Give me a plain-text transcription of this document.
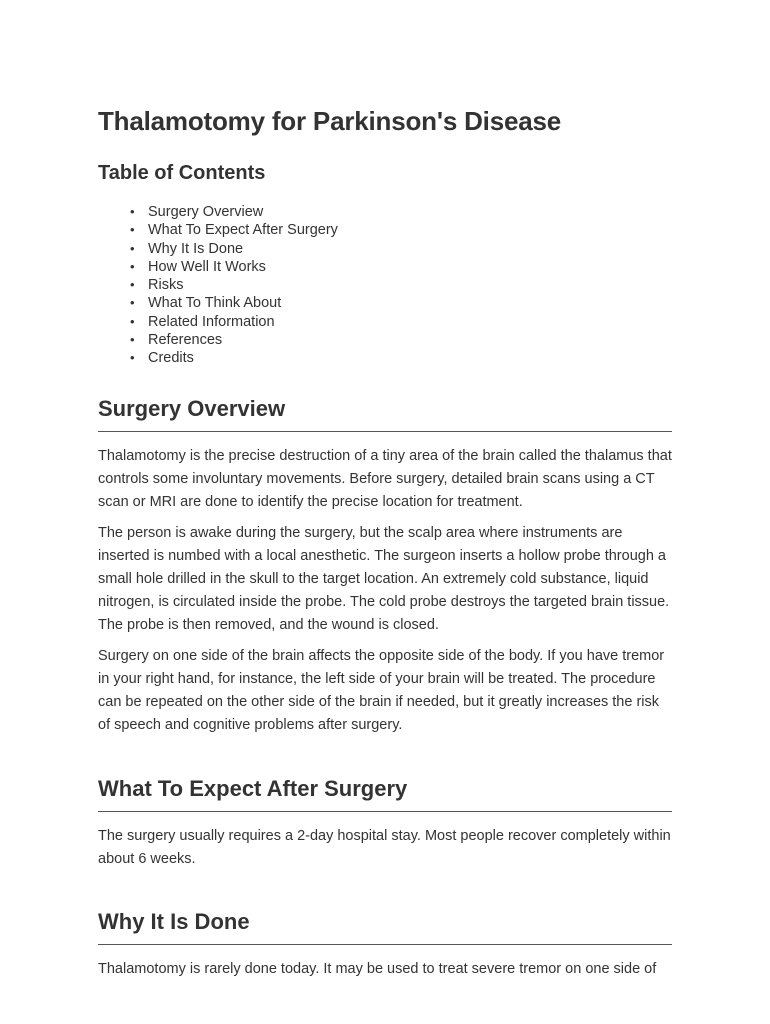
Thalamotomy for Parkinson's Disease
Table of Contents
• Surgery Overview
• What To Expect After Surgery
• Why It Is Done
• How Well It Works
• Risks
• What To Think About
• Related Information
• References
• Credits
Surgery Overview

Thalamotomy is the precise destruction of a tiny area of the brain called the thalamus that controls some involuntary movements. Before surgery, detailed brain scans using a CT scan or MRI are done to identify the precise location for treatment.

The person is awake during the surgery, but the scalp area where instruments are inserted is numbed with a local anesthetic. The surgeon inserts a hollow probe through a small hole drilled in the skull to the target location. An extremely cold substance, liquid nitrogen, is circulated inside the probe. The cold probe destroys the targeted brain tissue. The probe is then removed, and the wound is closed.

Surgery on one side of the brain affects the opposite side of the body. If you have tremor in your right hand, for instance, the left side of your brain will be treated. The procedure can be repeated on the other side of the brain if needed, but it greatly increases the risk of speech and cognitive problems after surgery.

What To Expect After Surgery

The surgery usually requires a 2-day hospital stay. Most people recover completely within about 6 weeks.

Why It Is Done

Thalamotomy is rarely done today. It may be used to treat severe tremor on one side of
